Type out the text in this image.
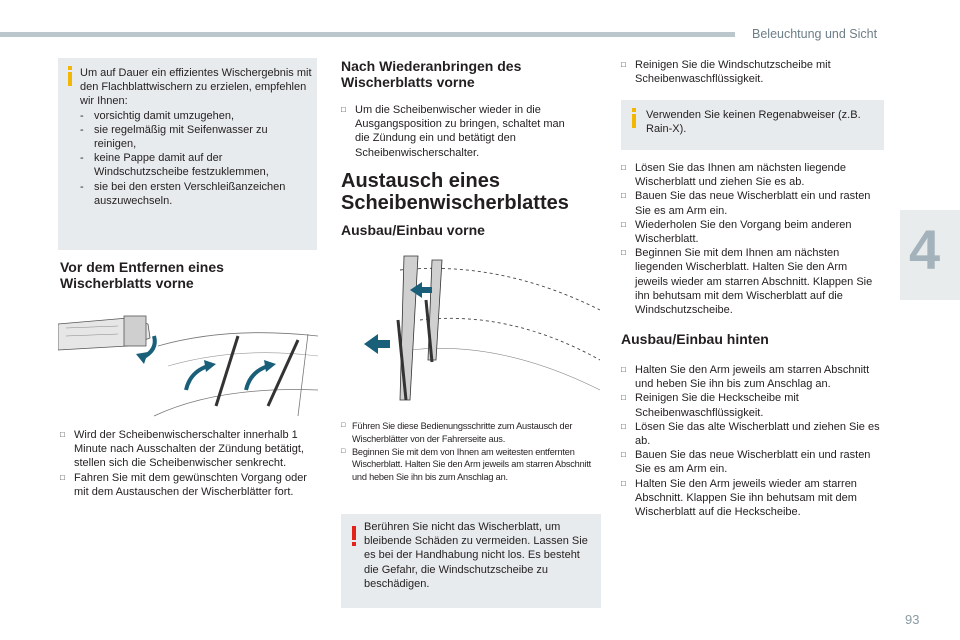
Beleuchtung und Sicht
4
93

Um auf Dauer ein effizientes Wischergebnis mit den Flachblattwischern zu erzielen, empfehlen wir Ihnen:

- vorsichtig damit umzugehen,
- sie regelmäßig mit Seifenwasser zu reinigen,
- keine Pappe damit auf der Windschutzscheibe festzuklemmen,
- sie bei den ersten Verschleißanzeichen auszuwechseln.
Vor dem Entfernen eines Wischerblatts vorne
□ Wird der Scheibenwischerschalter innerhalb 1 Minute nach Ausschalten der Zündung betätigt, stellen sich die Scheibenwischer senkrecht.
□ Fahren Sie mit dem gewünschten Vorgang oder mit dem Austauschen der Wischerblätter fort.
Nach Wiederanbringen des Wischerblatts vorne
□ Um die Scheibenwischer wieder in die Ausgangsposition zu bringen, schaltet man die Zündung ein und betätigt den Scheibenwischerschalter.
Austausch eines Scheibenwischerblattes
Ausbau/Einbau vorne
□ Führen Sie diese Bedienungsschritte zum Austausch der Wischerblätter von der Fahrerseite aus.
□ Beginnen Sie mit dem von Ihnen am weitesten entfernten Wischerblatt. Halten Sie den Arm jeweils am starren Abschnitt und heben Sie ihn bis zum Anschlag an.
Berühren Sie nicht das Wischerblatt, um bleibende Schäden zu vermeiden. Lassen Sie es bei der Handhabung nicht los. Es besteht die Gefahr, die Windschutzscheibe zu beschädigen.
□ Reinigen Sie die Windschutzscheibe mit Scheibenwaschflüssigkeit.
Verwenden Sie keinen Regenabweiser (z.B. Rain-X).
□ Lösen Sie das Ihnen am nächsten liegende Wischerblatt und ziehen Sie es ab.
□ Bauen Sie das neue Wischerblatt ein und rasten Sie es am Arm ein.
□ Wiederholen Sie den Vorgang beim anderen Wischerblatt.
□ Beginnen Sie mit dem Ihnen am nächsten liegenden Wischerblatt. Halten Sie den Arm jeweils wieder am starren Abschnitt. Klappen Sie ihn behutsam mit dem Wischerblatt auf die Windschutzscheibe.
Ausbau/Einbau hinten
□ Halten Sie den Arm jeweils am starren Abschnitt und heben Sie ihn bis zum Anschlag an.
□ Reinigen Sie die Heckscheibe mit Scheibenwaschflüssigkeit.
□ Lösen Sie das alte Wischerblatt und ziehen Sie es ab.
□ Bauen Sie das neue Wischerblatt ein und rasten Sie es am Arm ein.
□ Halten Sie den Arm jeweils wieder am starren Abschnitt. Klappen Sie ihn behutsam mit dem Wischerblatt auf die Heckscheibe.
